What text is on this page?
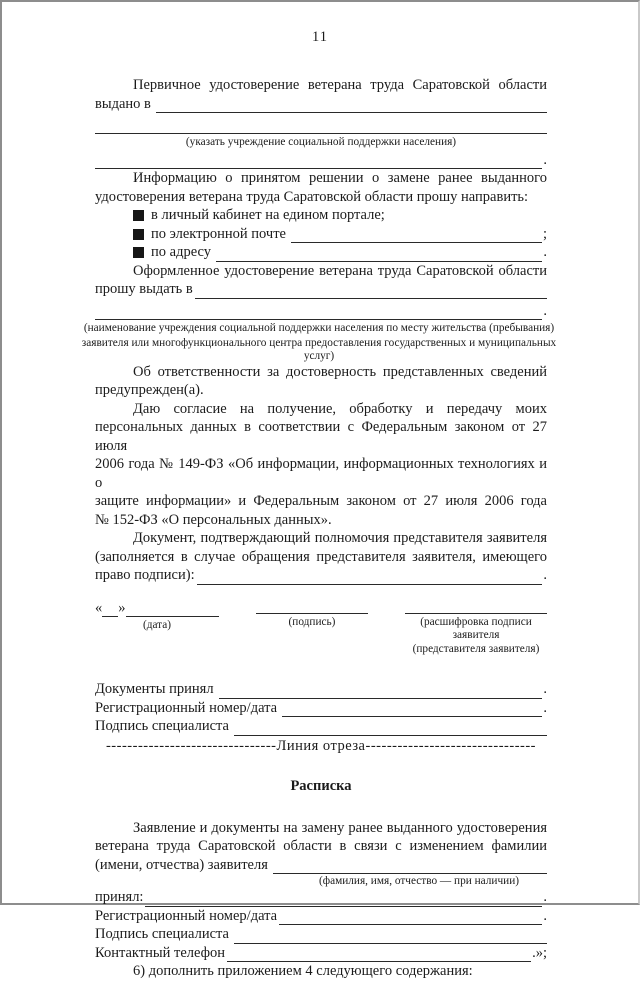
11
Первичное удостоверение ветерана труда Саратовской области
выдано в
(указать учреждение социальной поддержки населения)
.
Информацию о принятом решении о замене ранее выданного
удостоверения ветерана труда Саратовской области прошу направить:
в личный кабинет на едином портале;
по электронной почте	;
по адресу	.
Оформленное удостоверение ветерана труда Саратовской области
прошу выдать в
.
(наименование учреждения социальной поддержки населения по месту жительства (пребывания)
заявителя или многофункционального центра предоставления государственных и муниципальных услуг)
Об ответственности за достоверность представленных сведений
предупрежден(а).
Даю согласие на получение, обработку и передачу моих
персональных данных в соответствии с Федеральным законом от 27 июля
2006 года № 149-ФЗ «Об информации, информационных технологиях и о
защите информации» и Федеральным законом от 27 июля 2006 года
№ 152-ФЗ «О персональных данных».
Документ, подтверждающий полномочия представителя заявителя
(заполняется в случае обращения представителя заявителя, имеющего
право подписи):	.
« »
(дата)	(подпись)	(расшифровка подписи заявителя
(представителя заявителя)
Документы принял	.
Регистрационный номер/дата	.
Подпись специалиста
--------------------------------Линия отреза--------------------------------
Расписка
Заявление и документы на замену ранее выданного удостоверения
ветерана труда Саратовской области в связи с изменением фамилии
(имени, отчества) заявителя
(фамилия, имя, отчество — при наличии)
принял:	.
Регистрационный номер/дата	.
Подпись специалиста
Контактный телефон	.»;
6) дополнить приложением 4 следующего содержания:
